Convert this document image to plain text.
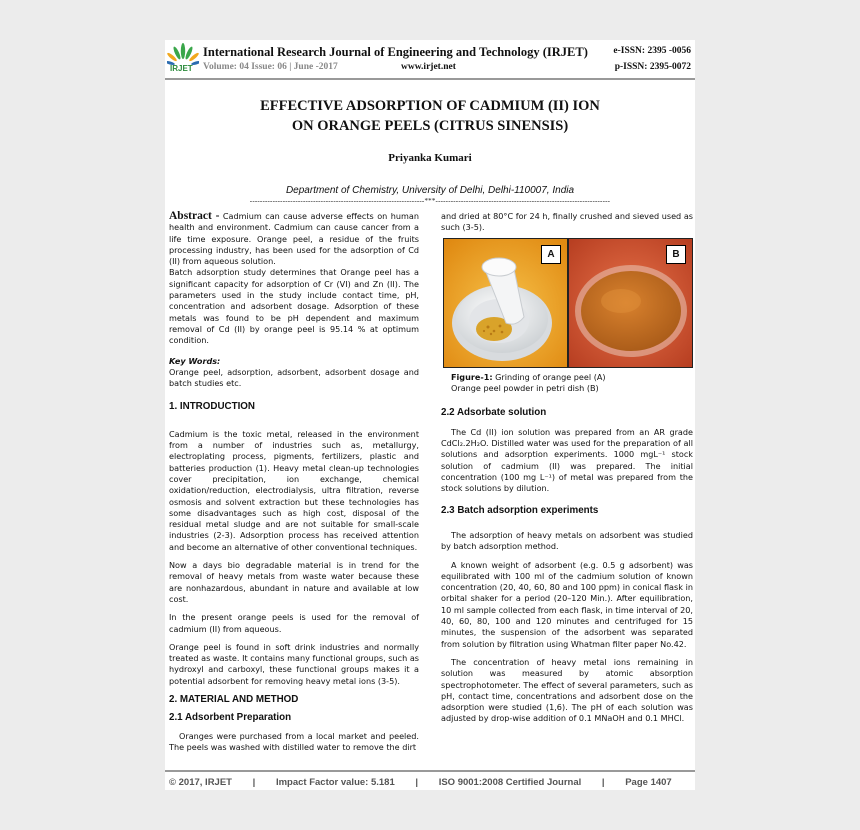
IRJET
International Research Journal of Engineering and Technology (IRJET)
Volume: 04 Issue: 06 | June -2017	www.irjet.net
e-ISSN: 2395 -0056
p-ISSN: 2395-0072
EFFECTIVE ADSORPTION OF CADMIUM (II) ION
ON ORANGE PEELS (CITRUS SINENSIS)
Priyanka Kumari
Department of Chemistry, University of Delhi, Delhi-110007, India
---------------------------------------------------------------------***---------------------------------------------------------------------

Abstract - Cadmium can cause adverse effects on human health and environment. Cadmium can cause cancer from a life time exposure. Orange peel, a residue of the fruits processing industry, has been used for the adsorption of Cd (II) from aqueous solution.

Batch adsorption study determines that Orange peel has a significant capacity for adsorption of Cr (VI) and Zn (II). The parameters used in the study include contact time, pH, concentration and adsorbent dosage. Adsorption of these metals was found to be pH dependent and maximum removal of Cd (II) by orange peel is 95.14 % at optimum condition.

Key Words:

Orange peel, adsorption, adsorbent, adsorbent dosage and batch studies etc.

1. INTRODUCTION

Cadmium is the toxic metal, released in the environment from a number of industries such as, metallurgy, electroplating process, pigments, fertilizers, plastic and batteries production (1). Heavy metal clean-up technologies cover precipitation, ion exchange, chemical oxidation/reduction, electrodialysis, ultra filtration, reverse osmosis and solvent extraction but these technologies has some disadvantages such as high cost, disposal of the residual metal sludge and are not suitable for small-scale industries (2-3). Adsorption process has received attention and become an alternative of other conventional techniques.

Now a days bio degradable material is in trend for the removal of heavy metals from waste water because these are nonhazardous, abundant in nature and available at low cost.

In the present orange peels is used for the removal of cadmium (II) from aqueous.

Orange peel is found in soft drink industries and normally treated as waste. It contains many functional groups, such as hydroxyl and carboxyl, these functional groups makes it a potential adsorbent for removing heavy metal ions (3-5).

2. MATERIAL AND METHOD
2.1 Adsorbent Preparation

Oranges were purchased from a local market and peeled. The peels was washed with distilled water to remove the dirt

and dried at 80°C for 24 h, finally crushed and sieved used as such (3-5).

A	B
Figure-1: Grinding of orange peel (A)
Orange peel powder in petri dish (B)
2.2 Adsorbate solution

The Cd (II) ion solution was prepared from an AR grade CdCl₂.2H₂O. Distilled water was used for the preparation of all solutions and adsorption experiments. 1000 mgL⁻¹ stock solution of cadmium (II) was prepared. The initial concentration (100 mg L⁻¹) of metal was prepared from the stock solutions by dilution.

2.3 Batch adsorption experiments

The adsorption of heavy metals on adsorbent was studied by batch adsorption method.

A known weight of adsorbent (e.g. 0.5 g adsorbent) was equilibrated with 100 ml of the cadmium solution of known concentration (20, 40, 60, 80 and 100 ppm) in conical flask in orbital shaker for a period (20–120 Min.). After equilibration, 10 ml sample collected from each flask, in time interval of 20, 40, 60, 80, 100 and 120 minutes and centrifuged for 15 minutes, the suspension of the adsorbent was separated from solution by filtration using Whatman filter paper No.42.

The concentration of heavy metal ions remaining in solution was measured by atomic absorption spectrophotometer. The effect of several parameters, such as pH, contact time, concentrations and adsorbent dose on the adsorption were studied (1,6). The pH of each solution was adjusted by drop-wise addition of 0.1 MNaOH and 0.1 MHCl.

© 2017, IRJET | Impact Factor value: 5.181 | ISO 9001:2008 Certified Journal | Page 1407
